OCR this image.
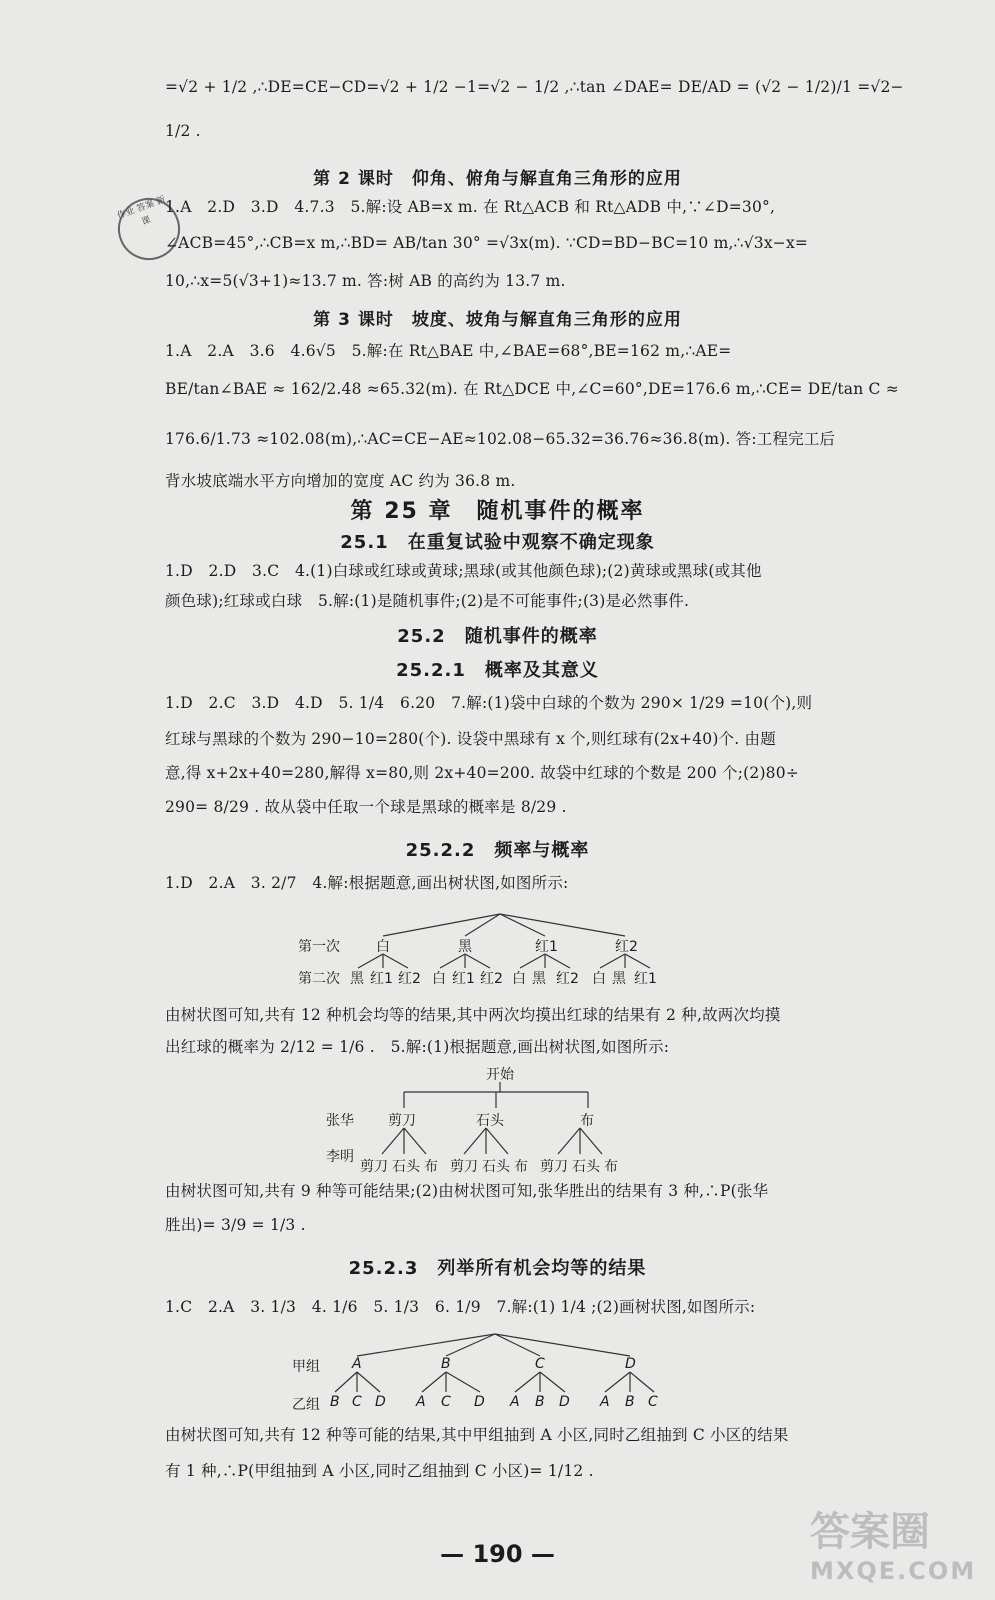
=√2 + 1/2 ,∴DE=CE−CD=√2 + 1/2 −1=√2 − 1/2 ,∴tan ∠DAE= DE/AD = (√2 − 1/2)/1 =√2−
1/2 .
第 2 课时　仰角、俯角与解直角三角形的应用
作业 答案 新课
1.A　2.D　3.D　4.7.3　5.解:设 AB=x m. 在 Rt△ACB 和 Rt△ADB 中,∵∠D=30°,
∠ACB=45°,∴CB=x m,∴BD= AB/tan 30° =√3x(m). ∵CD=BD−BC=10 m,∴√3x−x=
10,∴x=5(√3+1)≈13.7 m. 答:树 AB 的高约为 13.7 m.
第 3 课时　坡度、坡角与解直角三角形的应用
1.A　2.A　3.6　4.6√5　5.解:在 Rt△BAE 中,∠BAE=68°,BE=162 m,∴AE=
BE/tan∠BAE ≈ 162/2.48 ≈65.32(m). 在 Rt△DCE 中,∠C=60°,DE=176.6 m,∴CE= DE/tan C ≈
176.6/1.73 ≈102.08(m),∴AC=CE−AE≈102.08−65.32=36.76≈36.8(m). 答:工程完工后
背水坡底端水平方向增加的宽度 AC 约为 36.8 m.
第 25 章　随机事件的概率
25.1　在重复试验中观察不确定现象
1.D　2.D　3.C　4.(1)白球或红球或黄球;黑球(或其他颜色球);(2)黄球或黑球(或其他
颜色球);红球或白球　5.解:(1)是随机事件;(2)是不可能事件;(3)是必然事件.
25.2　随机事件的概率
25.2.1　概率及其意义
1.D　2.C　3.D　4.D　5. 1/4　6.20　7.解:(1)袋中白球的个数为 290× 1/29 =10(个),则
红球与黑球的个数为 290−10=280(个). 设袋中黑球有 x 个,则红球有(2x+40)个. 由题
意,得 x+2x+40=280,解得 x=80,则 2x+40=200. 故袋中红球的个数是 200 个;(2)80÷
290= 8/29 . 故从袋中任取一个球是黑球的概率是 8/29 .
25.2.2　频率与概率
1.D　2.A　3. 2/7　4.解:根据题意,画出树状图,如图所示:
第一次
第二次
白	黑	红1	红2
黑 红1 红2 白 红1 红2 白 黑 红2 白 黑 红1
由树状图可知,共有 12 种机会均等的结果,其中两次均摸出红球的结果有 2 种,故两次均摸
出红球的概率为 2/12 = 1/6 .　5.解:(1)根据题意,画出树状图,如图所示:
开始
张华
李明
剪刀	石头	布
剪刀 石头 布 剪刀 石头 布 剪刀 石头 布
由树状图可知,共有 9 种等可能结果;(2)由树状图可知,张华胜出的结果有 3 种,∴P(张华
胜出)= 3/9 = 1/3 .
25.2.3　列举所有机会均等的结果
1.C　2.A　3. 1/3　4. 1/6　5. 1/3　6. 1/9　7.解:(1) 1/4 ;(2)画树状图,如图所示:
甲组
乙组
A	B	C	D
B C D A C D A B D A B C
由树状图可知,共有 12 种等可能的结果,其中甲组抽到 A 小区,同时乙组抽到 C 小区的结果
有 1 种,∴P(甲组抽到 A 小区,同时乙组抽到 C 小区)= 1/12 .
— 190 —	答案圈
MXQE.COM
